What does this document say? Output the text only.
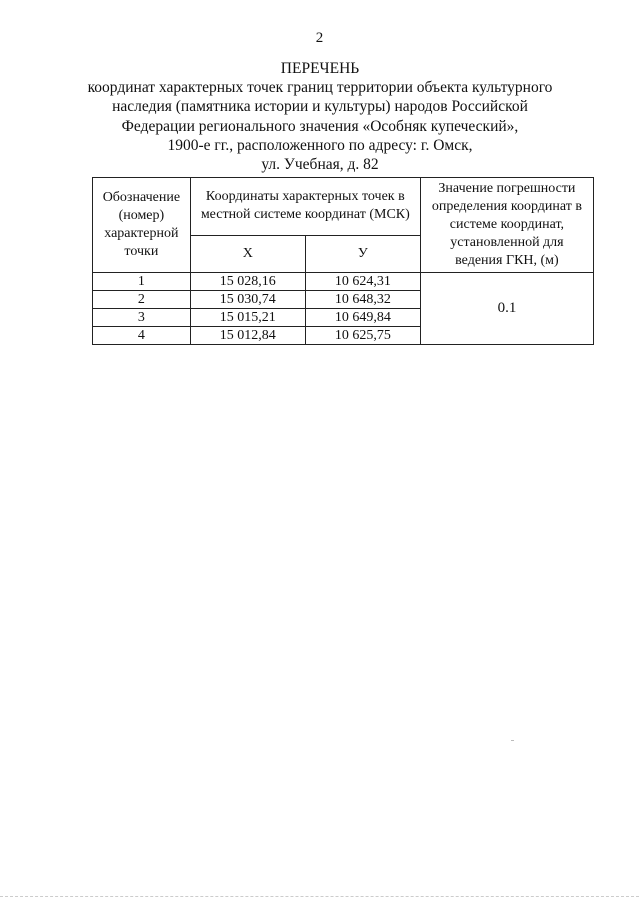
2
ПЕРЕЧЕНЬ
координат характерных точек границ территории объекта культурного
наследия (памятника истории и культуры) народов Российской
Федерации регионального значения «Особняк купеческий»,
1900-е гг., расположенного по адресу: г. Омск,
ул. Учебная, д. 82
Обозначение (номер) характерной точки	Координаты характерных точек в местной системе координат (МСК)		Значение погрешности определения координат в системе координат, установленной для ведения ГКН, (м)
	Х	У	
1	15 028,16	10 624,31	0.1
2	15 030,74	10 648,32	
3	15 015,21	10 649,84	
4	15 012,84	10 625,75	
